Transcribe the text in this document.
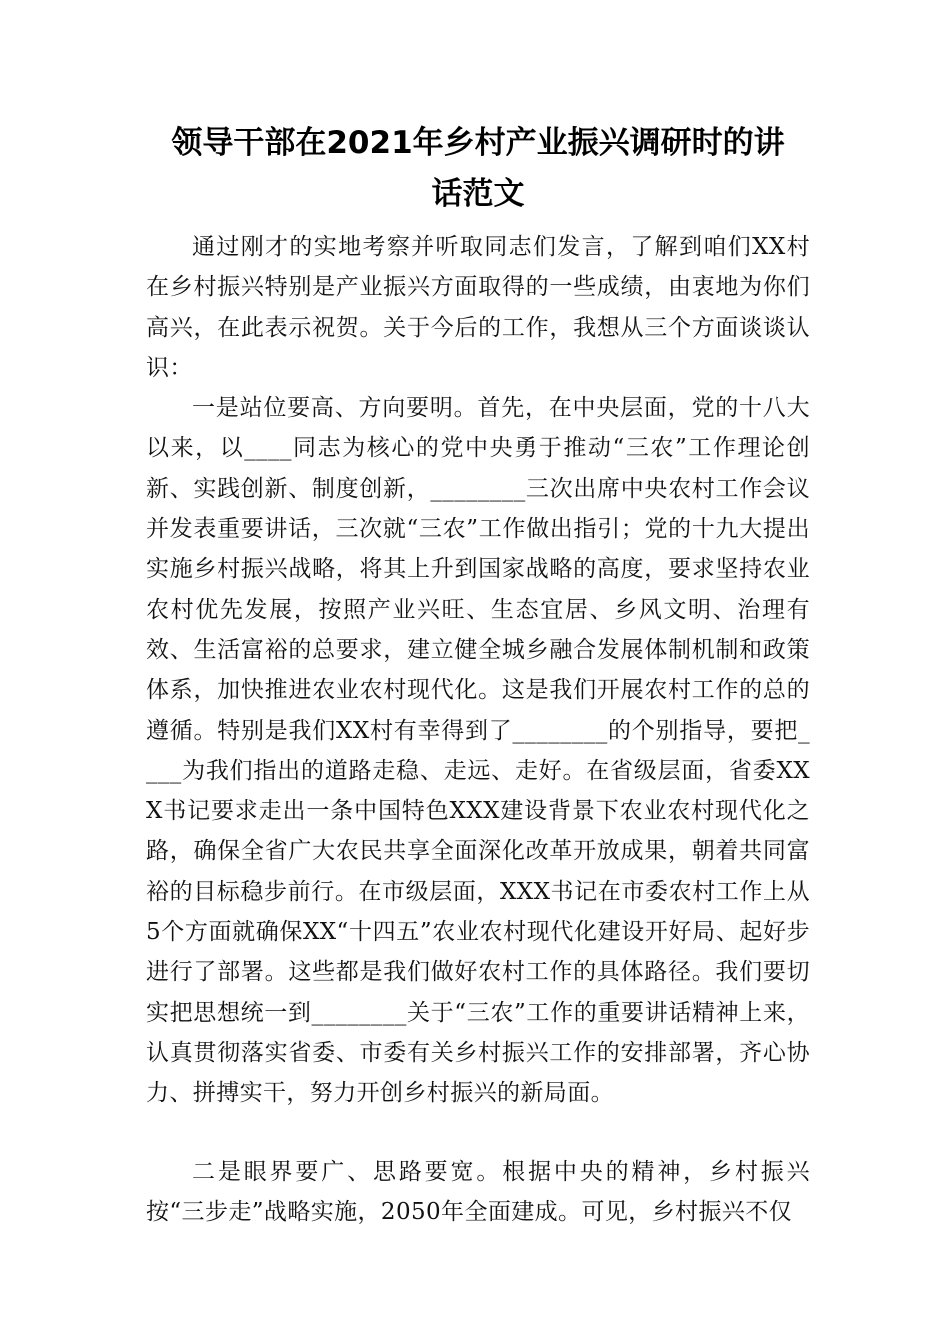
领导干部在2021年乡村产业振兴调研时的讲
话范文

通过刚才的实地考察并听取同志们发言，了解到咱们XX村在乡村振兴特别是产业振兴方面取得的一些成绩，由衷地为你们高兴，在此表示祝贺。关于今后的工作，我想从三个方面谈谈认识：

一是站位要高、方向要明。首先，在中央层面，党的十八大以来，以____同志为核心的党中央勇于推动“三农”工作理论创新、实践创新、制度创新，________三次出席中央农村工作会议并发表重要讲话，三次就“三农”工作做出指引；党的十九大提出实施乡村振兴战略，将其上升到国家战略的高度，要求坚持农业农村优先发展，按照产业兴旺、生态宜居、乡风文明、治理有效、生活富裕的总要求，建立健全城乡融合发展体制机制和政策体系，加快推进农业农村现代化。这是我们开展农村工作的总的遵循。特别是我们XX村有幸得到了________的个别指导，要把____为我们指出的道路走稳、走远、走好。在省级层面，省委XXX书记要求走出一条中国特色XXX建设背景下农业农村现代化之路，确保全省广大农民共享全面深化改革开放成果，朝着共同富裕的目标稳步前行。在市级层面，XXX书记在市委农村工作上从5个方面就确保XX“十四五”农业农村现代化建设开好局、起好步进行了部署。这些都是我们做好农村工作的具体路径。我们要切实把思想统一到________关于“三农”工作的重要讲话精神上来，认真贯彻落实省委、市委有关乡村振兴工作的安排部署，齐心协力、拼搏实干，努力开创乡村振兴的新局面。

二是眼界要广、思路要宽。根据中央的精神，乡村振兴按“三步走”战略实施，2050年全面建成。可见，乡村振兴不仅
